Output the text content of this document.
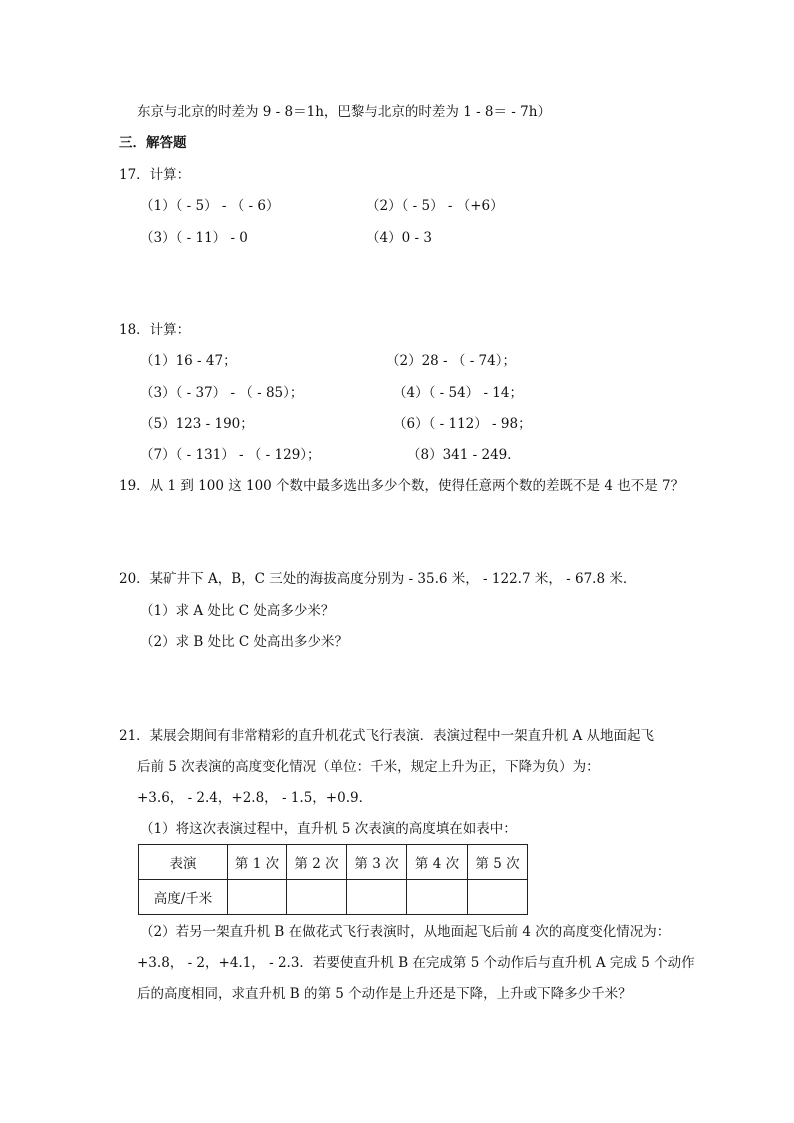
东京与北京的时差为 9 - 8＝1h，巴黎与北京的时差为 1 - 8＝ - 7h）
三．解答题
17．计算：
（1）（ - 5） - （ - 6）	（2）（ - 5） - （+6）
（3）（ - 11） - 0	（4）0 - 3
18．计算：
（1）16 - 47；	（2）28 - （ - 74）；
（3）（ - 37） - （ - 85）；	（4）（ - 54） - 14；
（5）123 - 190；	（6）（ - 112） - 98；
（7）（ - 131） - （ - 129）；	（8）341 - 249．
19．从 1 到 100 这 100 个数中最多选出多少个数，使得任意两个数的差既不是 4 也不是 7？
20．某矿井下 A，B，C 三处的海拔高度分别为 - 35.6 米， - 122.7 米， - 67.8 米．
（1）求 A 处比 C 处高多少米？
（2）求 B 处比 C 处高出多少米？
21．某展会期间有非常精彩的直升机花式飞行表演．表演过程中一架直升机 A 从地面起飞
后前 5 次表演的高度变化情况（单位：千米，规定上升为正，下降为负）为：
+3.6， - 2.4，+2.8， - 1.5，+0.9．
（1）将这次表演过程中，直升机 5 次表演的高度填在如表中：
表演	第 1 次	第 2 次	第 3 次	第 4 次	第 5 次
高度/千米					
（2）若另一架直升机 B 在做花式飞行表演时，从地面起飞后前 4 次的高度变化情况为：
+3.8， - 2，+4.1， - 2.3．若要使直升机 B 在完成第 5 个动作后与直升机 A 完成 5 个动作
后的高度相同，求直升机 B 的第 5 个动作是上升还是下降，上升或下降多少千米？
